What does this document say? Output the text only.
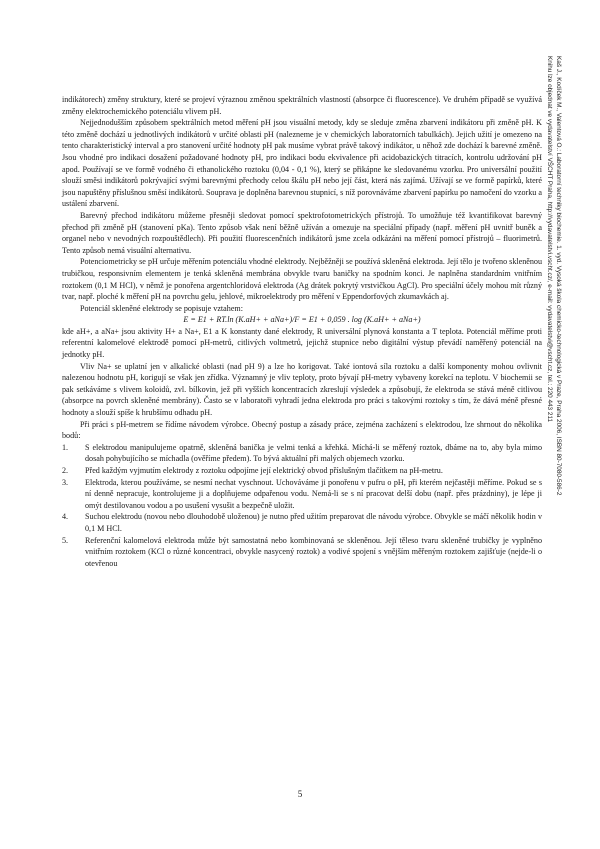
Kaš J., Kodíček M., Valentová O.: Laboratorní techniky biochemie. 1. vyd. Vysoká škola chemicko-technologická v Praze, Praha 2006, ISBN 80-7080-586-2
Knihu lze objednat ve vydavatelství VŠCHT Praha, http://vydavatelstvi.vscht.cz/, e-mail: vydavatelstvi@vscht.cz, tel.: 220 443 211

indikátorech) změny struktury, které se projeví výraznou změnou spektrálních vlastností (absorpce či fluorescence). Ve druhém případě se využívá změny elektrochemického potenciálu vlivem pH.

Nejjednodušším způsobem spektrálních metod měření pH jsou visuální metody, kdy se sleduje změna zbarvení indikátoru při změně pH. K této změně dochází u jednotlivých indikátorů v určité oblasti pH (nalezneme je v chemických laboratorních tabulkách). Jejich užití je omezeno na tento charakteristický interval a pro stanovení určité hodnoty pH pak musíme vybrat právě takový indikátor, u něhož zde dochází k barevné změně. Jsou vhodné pro indikaci dosažení požadované hodnoty pH, pro indikaci bodu ekvivalence při acidobazických titracích, kontrolu udržování pH apod. Používají se ve formě vodného či ethanolického roztoku (0,04 - 0,1 %), který se přikápne ke sledovanému vzorku. Pro universální použití slouží směsi indikátorů pokrývající svými barevnými přechody celou škálu pH nebo její část, která nás zajímá. Užívají se ve formě papírků, které jsou napuštěny příslušnou směsí indikátorů. Souprava je doplněna barevnou stupnicí, s níž porovnáváme zbarvení papírku po namočení do vzorku a ustálení zbarvení.

Barevný přechod indikátoru můžeme přesněji sledovat pomocí spektrofotometrických přístrojů. To umožňuje též kvantifikovat barevný přechod při změně pH (stanovení pKa). Tento způsob však není běžně užíván a omezuje na speciální případy (např. měření pH uvnitř buněk a organel nebo v nevodných rozpouštědlech). Při použití fluorescenčních indikátorů jsme zcela odkázáni na měření pomocí přístrojů – fluorimetrů. Tento způsob nemá visuální alternativu.

Potenciometricky se pH určuje měřením potenciálu vhodné elektrody. Nejběžněji se používá skleněná elektroda. Její tělo je tvořeno skleněnou trubičkou, responsivním elementem je tenká skleněná membrána obvykle tvaru baničky na spodním konci. Je naplněna standardním vnitřním roztokem (0,1 M HCl), v němž je ponořena argentchloridová elektroda (Ag drátek pokrytý vrstvičkou AgCl). Pro speciální účely mohou mít různý tvar, např. ploché k měření pH na povrchu gelu, jehlové, mikroelektrody pro měření v Eppendorfových zkumavkách aj.

Potenciál skleněné elektrody se popisuje vztahem:

E = E1 + RT.ln (K.aH+ + aNa+)/F = E1 + 0,059 . log (K.aH+ + aNa+)

kde aH+, a aNa+ jsou aktivity H+ a Na+, E1 a K konstanty dané elektrody, R universální plynová konstanta a T teplota. Potenciál měříme proti referentní kalomelové elektrodě pomocí pH-metrů, citlivých voltmetrů, jejichž stupnice nebo digitální výstup převádí naměřený potenciál na jednotky pH.

Vliv Na+ se uplatní jen v alkalické oblasti (nad pH 9) a lze ho korigovat. Také iontová síla roztoku a další komponenty mohou ovlivnit nalezenou hodnotu pH, korigují se však jen zřídka. Významný je vliv teploty, proto bývají pH-metry vybaveny korekcí na teplotu. V biochemii se pak setkáváme s vlivem koloidů, zvl. bílkovin, jež při vyšších koncentracích zkreslují výsledek a způsobují, že elektroda se stává méně citlivou (absorpce na povrch skleněné membrány). Často se v laboratoři vyhradí jedna elektroda pro práci s takovými roztoky s tím, že dává méně přesné hodnoty a slouží spíše k hrubšímu odhadu pH.

Při práci s pH-metrem se řídíme návodem výrobce. Obecný postup a zásady práce, zejména zacházení s elektrodou, lze shrnout do několika bodů:

1. S elektrodou manipulujeme opatrně, skleněná banička je velmi tenká a křehká. Míchá-li se měřený roztok, dbáme na to, aby byla mimo dosah pohybujícího se míchadla (ověříme předem). To bývá aktuální při malých objemech vzorku.
2. Před každým vyjmutím elektrody z roztoku odpojíme její elektrický obvod příslušným tlačítkem na pH-metru.
3. Elektroda, kterou používáme, se nesmí nechat vyschnout. Uchováváme ji ponořenu v pufru o pH, při kterém nejčastěji měříme. Pokud se s ní denně nepracuje, kontrolujeme ji a doplňujeme odpařenou vodu. Nemá-li se s ní pracovat delší dobu (např. přes prázdniny), je lépe ji omýt destilovanou vodou a po usušení vysušit a bezpečně uložit.
4. Suchou elektrodu (novou nebo dlouhodobě uloženou) je nutno před užitím preparovat dle návodu výrobce. Obvykle se máčí několik hodin v 0,1 M HCl.
5. Referenční kalomelová elektroda může být samostatná nebo kombinovaná se skleněnou. Její těleso tvaru skleněné trubičky je vyplněno vnitřním roztokem (KCl o různé koncentraci, obvykle nasycený roztok) a vodivé spojení s vnějším měřeným roztokem zajišťuje (nejde-li o otevřenou
5
